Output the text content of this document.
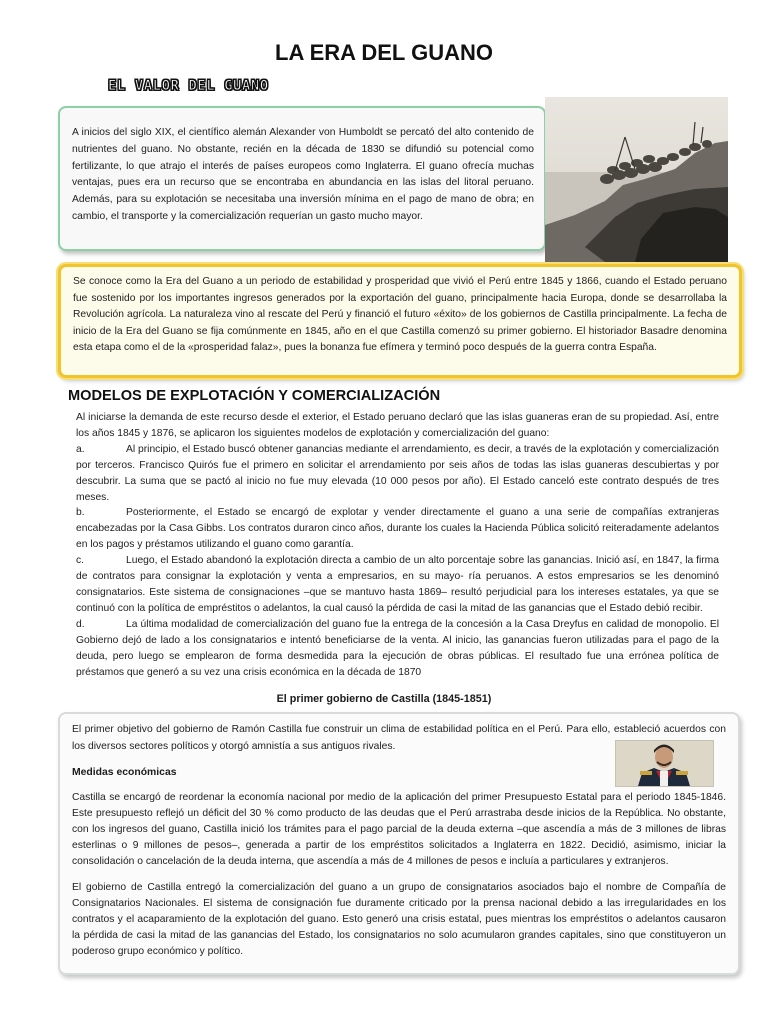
LA ERA DEL GUANO
EL VALOR DEL GUANO

A inicios del siglo XIX, el científico alemán Alexander von Humboldt se percató del alto contenido de nutrientes del guano. No obstante, recién en la década de 1830 se difundió su potencial como fertilizante, lo que atrajo el interés de países europeos como Inglaterra. El guano ofrecía muchas ventajas, pues era un recurso que se encontraba en abundancia en las islas del litoral peruano. Además, para su explotación se necesitaba una inversión mínima en el pago de mano de obra; en cambio, el transporte y la comercialización requerían un gasto mucho mayor.

Se conoce como la Era del Guano a un periodo de estabilidad y prosperidad que vivió el Perú entre 1845 y 1866, cuando el Estado peruano fue sostenido por los importantes ingresos generados por la exportación del guano, principalmente hacia Europa, donde se desarrollaba la Revolución agrícola. La naturaleza vino al rescate del Perú y financió el futuro «éxito» de los gobiernos de Castilla principalmente. La fecha de inicio de la Era del Guano se fija comúnmente en 1845, año en el que Castilla comenzó su primer gobierno. El historiador Basadre denomina esta etapa como el de la «prosperidad falaz», pues la bonanza fue efímera y terminó poco después de la guerra contra España.

MODELOS DE EXPLOTACIÓN Y COMERCIALIZACIÓN

Al iniciarse la demanda de este recurso desde el exterior, el Estado peruano declaró que las islas guaneras eran de su propiedad. Así, entre los años 1845 y 1876, se aplicaron los siguientes modelos de explotación y comercialización del guano:

a.	Al principio, el Estado buscó obtener ganancias mediante el arrendamiento, es decir, a través de la explotación y comercialización por terceros. Francisco Quirós fue el primero en solicitar el arrendamiento por seis años de todas las islas guaneras descubiertas y por descubrir. La suma que se pactó al inicio no fue muy elevada (10 000 pesos por año). El Estado canceló este contrato después de tres meses.

b.	Posteriormente, el Estado se encargó de explotar y vender directamente el guano a una serie de compañías extranjeras encabezadas por la Casa Gibbs. Los contratos duraron cinco años, durante los cuales la Hacienda Pública solicitó reiteradamente adelantos en los pagos y préstamos utilizando el guano como garantía.

c.	Luego, el Estado abandonó la explotación directa a cambio de un alto porcentaje sobre las ganancias. Inició así, en 1847, la firma de contratos para consignar la explotación y venta a empresarios, en su mayo- ría peruanos. A estos empresarios se les denominó consignatarios. Este sistema de consignaciones –que se mantuvo hasta 1869– resultó perjudicial para los intereses estatales, ya que se continuó con la política de empréstitos o adelantos, la cual causó la pérdida de casi la mitad de las ganancias que el Estado debió recibir.

d.	La última modalidad de comercialización del guano fue la entrega de la concesión a la Casa Dreyfus en calidad de monopolio. El Gobierno dejó de lado a los consignatarios e intentó beneficiarse de la venta. Al inicio, las ganancias fueron utilizadas para el pago de la deuda, pero luego se emplearon de forma desmedida para la ejecución de obras públicas. El resultado fue una errónea política de préstamos que generó a su vez una crisis económica en la década de 1870

El primer gobierno de Castilla (1845-1851)

El primer objetivo del gobierno de Ramón Castilla fue construir un clima de estabilidad política en el Perú. Para ello, estableció acuerdos con los diversos sectores políticos y otorgó amnistía a sus antiguos rivales.

Medidas económicas

Castilla se encargó de reordenar la economía nacional por medio de la aplicación del primer Presupuesto Estatal para el periodo 1845-1846. Este presupuesto reflejó un déficit del 30 % como producto de las deudas que el Perú arrastraba desde inicios de la República. No obstante, con los ingresos del guano, Castilla inició los trámites para el pago parcial de la deuda externa –que ascendía a más de 3 millones de libras esterlinas o 9 millones de pesos–, generada a partir de los empréstitos solicitados a Inglaterra en 1822. Decidió, asimismo, iniciar la consolidación o cancelación de la deuda interna, que ascendía a más de 4 millones de pesos e incluía a particulares y extranjeros.

El gobierno de Castilla entregó la comercialización del guano a un grupo de consignatarios asociados bajo el nombre de Compañía de Consignatarios Nacionales. El sistema de consignación fue duramente criticado por la prensa nacional debido a las irregularidades en los contratos y el acaparamiento de la explotación del guano. Esto generó una crisis estatal, pues mientras los empréstitos o adelantos causaron la pérdida de casi la mitad de las ganancias del Estado, los consignatarios no solo acumularon grandes capitales, sino que constituyeron un poderoso grupo económico y político.
